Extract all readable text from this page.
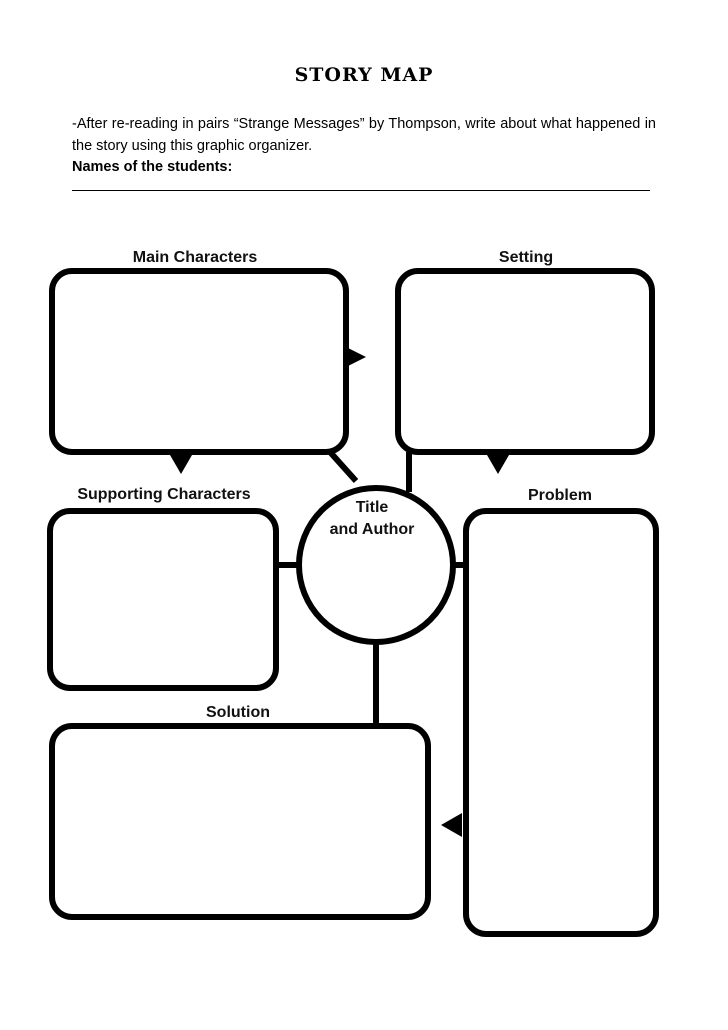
STORY MAP

-After re-reading in pairs “Strange Messages” by Thompson, write about what happened in the story using this graphic organizer.

Names of the students:
Main Characters	Setting
Supporting Characters	Problem
Solution
Title
and Author
